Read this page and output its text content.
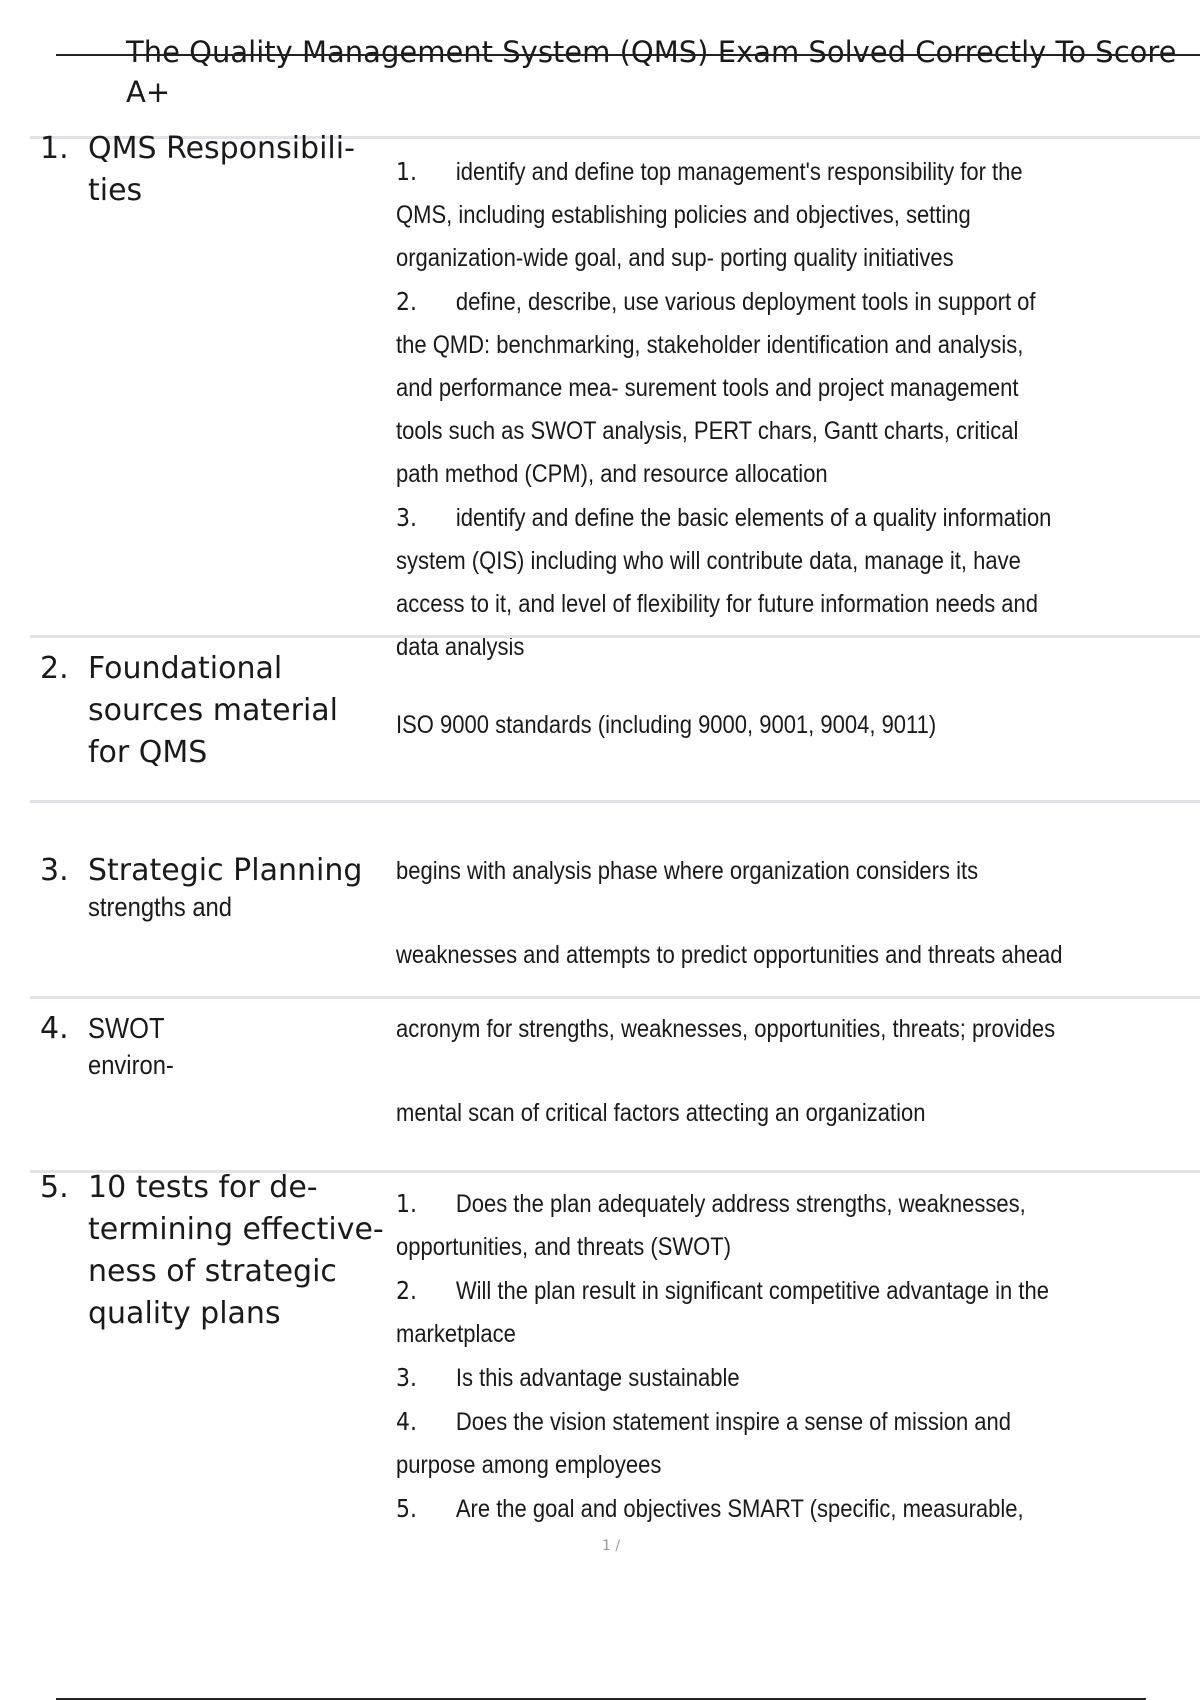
The Quality Management System (QMS) Exam Solved Correctly To Score A+
1. QMS Responsibili- ties

1. identify and define top management's responsibility for the QMS, including establishing policies and objectives, setting organization-wide goal, and sup- porting quality initiatives

2. define, describe, use various deployment tools in support of the QMD: benchmarking, stakeholder identification and analysis, and performance mea- surement tools and project management tools such as SWOT analysis, PERT chars, Gantt charts, critical path method (CPM), and resource allocation

3. identify and define the basic elements of a quality information system (QIS) including who will contribute data, manage it, have access to it, and level of flexibility for future information needs and data analysis

2. Foundational sources material for QMS
ISO 9000 standards (including 9000, 9001, 9004, 9011)
3. Strategic Planning
strengths and
begins with analysis phase where organization considers its
weaknesses and attempts to predict opportunities and threats ahead
4. SWOT
environ-
acronym for strengths, weaknesses, opportunities, threats; provides
mental scan of critical factors attecting an organization
5. 10 tests for de- termining effective- ness of strategic quality plans

1. Does the plan adequately address strengths, weaknesses, opportunities, and threats (SWOT)

2. Will the plan result in significant competitive advantage in the marketplace

3. Is this advantage sustainable

4. Does the vision statement inspire a sense of mission and purpose among employees

5. Are the goal and objectives SMART (specific, measurable,

1 /
